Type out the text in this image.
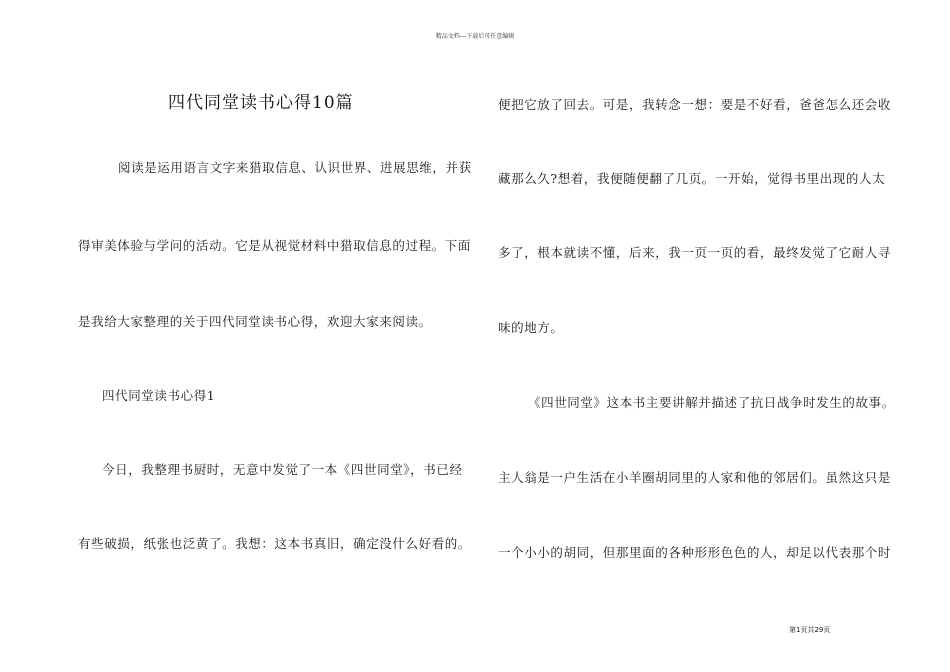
精品文档---下载后可任意编辑
四代同堂读书心得10篇
阅读是运用语言文字来猎取信息、认识世界、进展思维，并获
得审美体验与学问的活动。它是从视觉材料中猎取信息的过程。下面
是我给大家整理的关于四代同堂读书心得，欢迎大家来阅读。
四代同堂读书心得1
今日，我整理书厨时，无意中发觉了一本《四世同堂》，书已经
有些破损，纸张也泛黄了。我想：这本书真旧，确定没什么好看的。
便把它放了回去。可是，我转念一想：要是不好看，爸爸怎么还会收
藏那么久?想着，我便随便翻了几页。一开始，觉得书里出现的人太
多了，根本就读不懂，后来，我一页一页的看，最终发觉了它耐人寻
味的地方。
《四世同堂》这本书主要讲解并描述了抗日战争时发生的故事。
主人翁是一户生活在小羊圈胡同里的人家和他的邻居们。虽然这只是
一个小小的胡同，但那里面的各种形形色色的人，却足以代表那个时
第1页共29页
